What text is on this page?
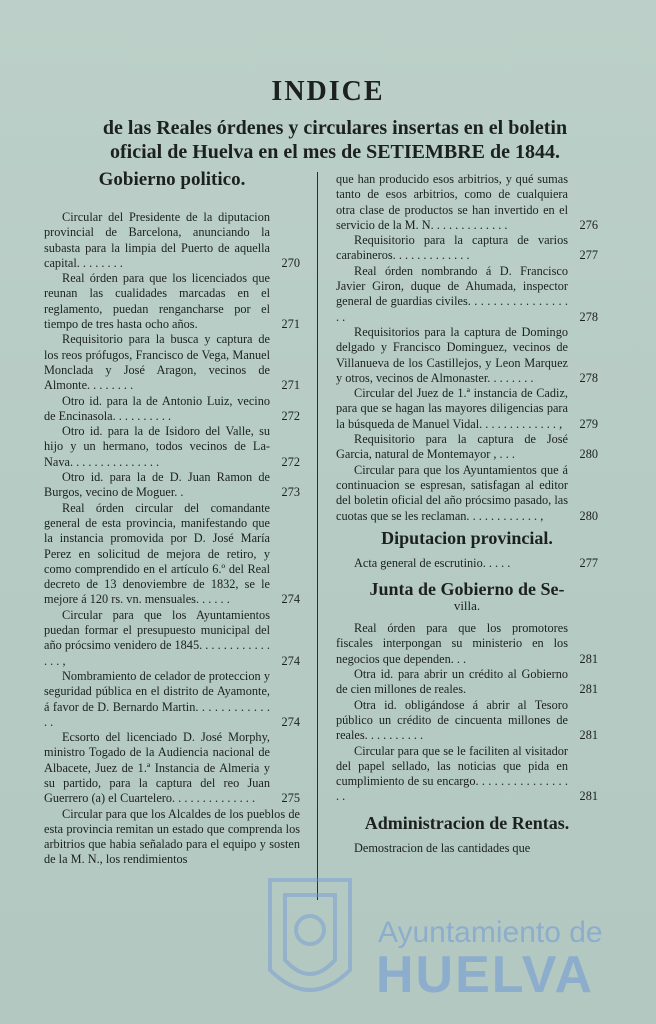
INDICE
de las Reales órdenes y circulares insertas en el boletin
oficial de Huelva en el mes de SETIEMBRE de 1844.
Gobierno politico.
Circular del Presidente de la diputacion provincial de Barcelona, anunciando la subasta para la limpia del Puerto de aquella capital. . . . . . . .	270
Real órden para que los licenciados que reunan las cualidades marcadas en el reglamento, puedan rengancharse por el tiempo de tres hasta ocho años.	271
Requisitorio para la busca y captura de los reos prófugos, Francisco de Vega, Manuel Monclada y José Aragon, vecinos de Almonte. . . . . . . .	271
Otro id. para la de Antonio Luiz, vecino de Encinasola. . . . . . . . . .	272
Otro id. para la de Isidoro del Valle, su hijo y un hermano, todos vecinos de La-Nava. . . . . . . . . . . . . . .	272
Otro id. para la de D. Juan Ramon de Burgos, vecino de Moguer. .	273
Real órden circular del comandante general de esta provincia, manifestando que la instancia promovida por D. José María Perez en solicitud de mejora de retiro, y como comprendido en el artículo 6.º del Real decreto de 13 denoviembre de 1832, se le mejore á 120 rs. vn. mensuales. . . . . .	274
Circular para que los Ayuntamientos puedan formar el presupuesto municipal del año prócsimo venidero de 1845. . . . . . . . . . . . . . . ,	274
Nombramiento de celador de proteccion y seguridad pública en el distrito de Ayamonte, á favor de D. Bernardo Martin. . . . . . . . . . . . . .	274
Ecsorto del licenciado D. José Morphy, ministro Togado de la Audiencia nacional de Albacete, Juez de 1.ª Instancia de Almeria y su partido, para la captura del reo Juan Guerrero (a) el Cuartelero. . . . . . . . . . . . . .	275
Circular para que los Alcaldes de los pueblos de esta provincia remitan un estado que comprenda los arbitrios que habia señalado para el equipo y sosten de la M. N., los rendimientos
que han producido esos arbitrios, y qué sumas tanto de esos arbitrios, como de cualquiera otra clase de productos se han invertido en el servicio de la M. N. . . . . . . . . . . . .	276
Requisitorio para la captura de varios carabineros. . . . . . . . . . . . .	277
Real órden nombrando á D. Francisco Javier Giron, duque de Ahumada, inspector general de guardias civiles. . . . . . . . . . . . . . . . . .	278
Requisitorios para la captura de Domingo delgado y Francisco Dominguez, vecinos de Villanueva de los Castillejos, y Leon Marquez y otros, vecinos de Almonaster. . . . . . . .	278
Circular del Juez de 1.ª instancia de Cadiz, para que se hagan las mayores diligencias para la búsqueda de Manuel Vidal. . . . . . . . . . . . . ,	279
Requisitorio para la captura de José Garcia, natural de Montemayor , . . .	280
Circular para que los Ayuntamientos que á continuacion se espresan, satisfagan al editor del boletin oficial del año prócsimo pasado, las cuotas que se les reclaman. . . . . . . . . . . . ,	280
Diputacion provincial.
Acta general de escrutinio. . . . .	277
Junta de Gobierno de Se-
villa.
Real órden para que los promotores fiscales interpongan su ministerio en los negocios que dependen. . .	281
Otra id. para abrir un crédito al Gobierno de cien millones de reales.	281
Otra id. obligándose á abrir al Tesoro público un crédito de cincuenta millones de reales. . . . . . . . . .	281
Circular para que se le faciliten al visitador del papel sellado, las noticias que pida en cumplimiento de su encargo. . . . . . . . . . . . . . . . .	281
Administracion de Rentas.
Demostracion de las cantidades que
Ayuntamiento de
HUELVA
